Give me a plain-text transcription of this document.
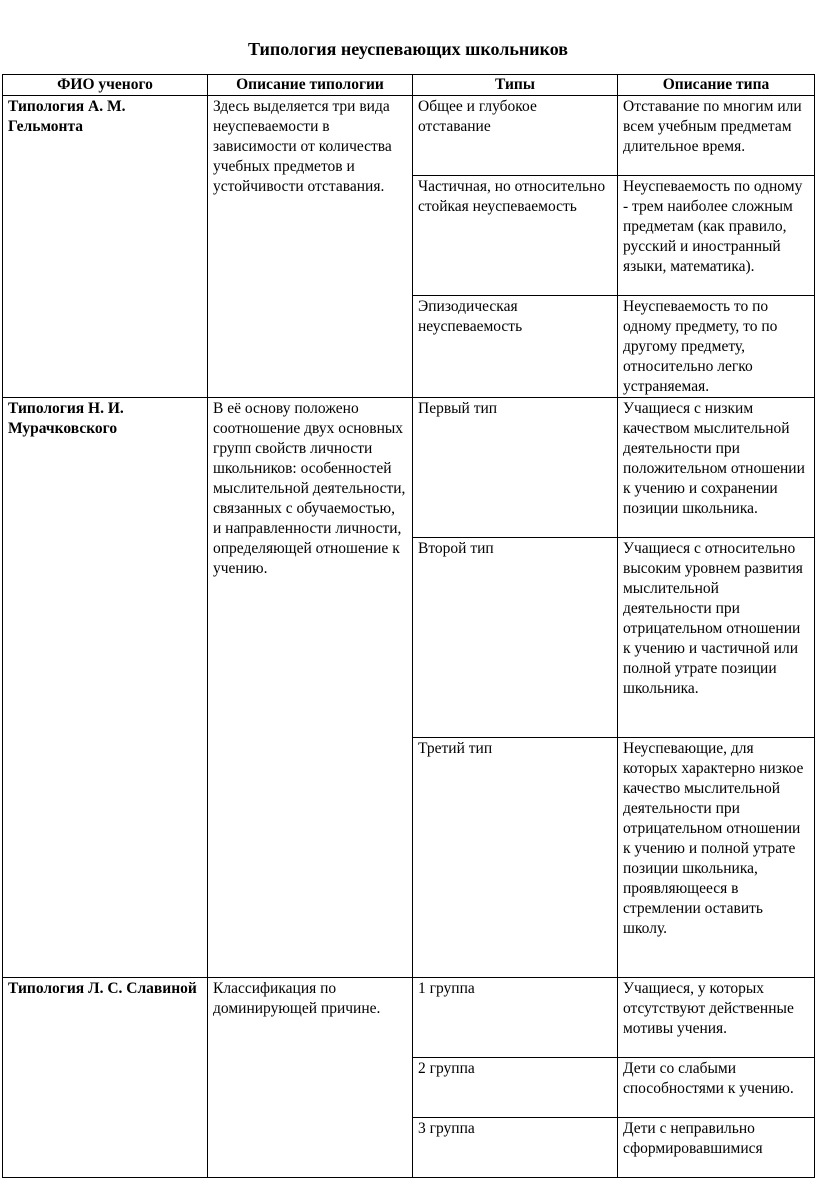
Типология неуспевающих школьников
ФИО ученого	Описание типологии	Типы	Описание типа
Типология А. М. Гельмонта	Здесь выделяется три вида неуспеваемости в зависимости от количества учебных предметов и устойчивости отставания.	Общее и глубокое отставание	Отставание по многим или всем учебным предметам длительное время.
		Частичная, но относительно стойкая неуспеваемость	Неуспеваемость по одному - трем наиболее сложным предметам (как правило, русский и иностранный языки, математика).
		Эпизодическая неуспеваемость	Неуспеваемость то по одному предмету, то по другому предмету, относительно легко устраняемая.
Типология Н. И. Мурачковского	В её основу положено соотношение двух основных групп свойств личности школьников: особенностей мыслительной деятельности, связанных с обучаемостью, и направленности личности, определяющей отношение к учению.	Первый тип	Учащиеся с низким качеством мыслительной деятельности при положительном отношении к учению и сохранении позиции школьника.
		Второй тип	Учащиеся с относительно высоким уровнем развития мыслительной деятельности при отрицательном отношении к учению и частичной или полной утрате позиции школьника.
		Третий тип	Неуспевающие, для которых характерно низкое качество мыслительной деятельности при отрицательном отношении к учению и полной утрате позиции школьника, проявляющееся в стремлении оставить школу.
Типология Л. С. Славиной	Классификация по доминирующей причине.	1 группа	Учащиеся, у которых отсутствуют действенные мотивы учения.
		2 группа	Дети со слабыми способностями к учению.
		3 группа	Дети с неправильно сформировавшимися
